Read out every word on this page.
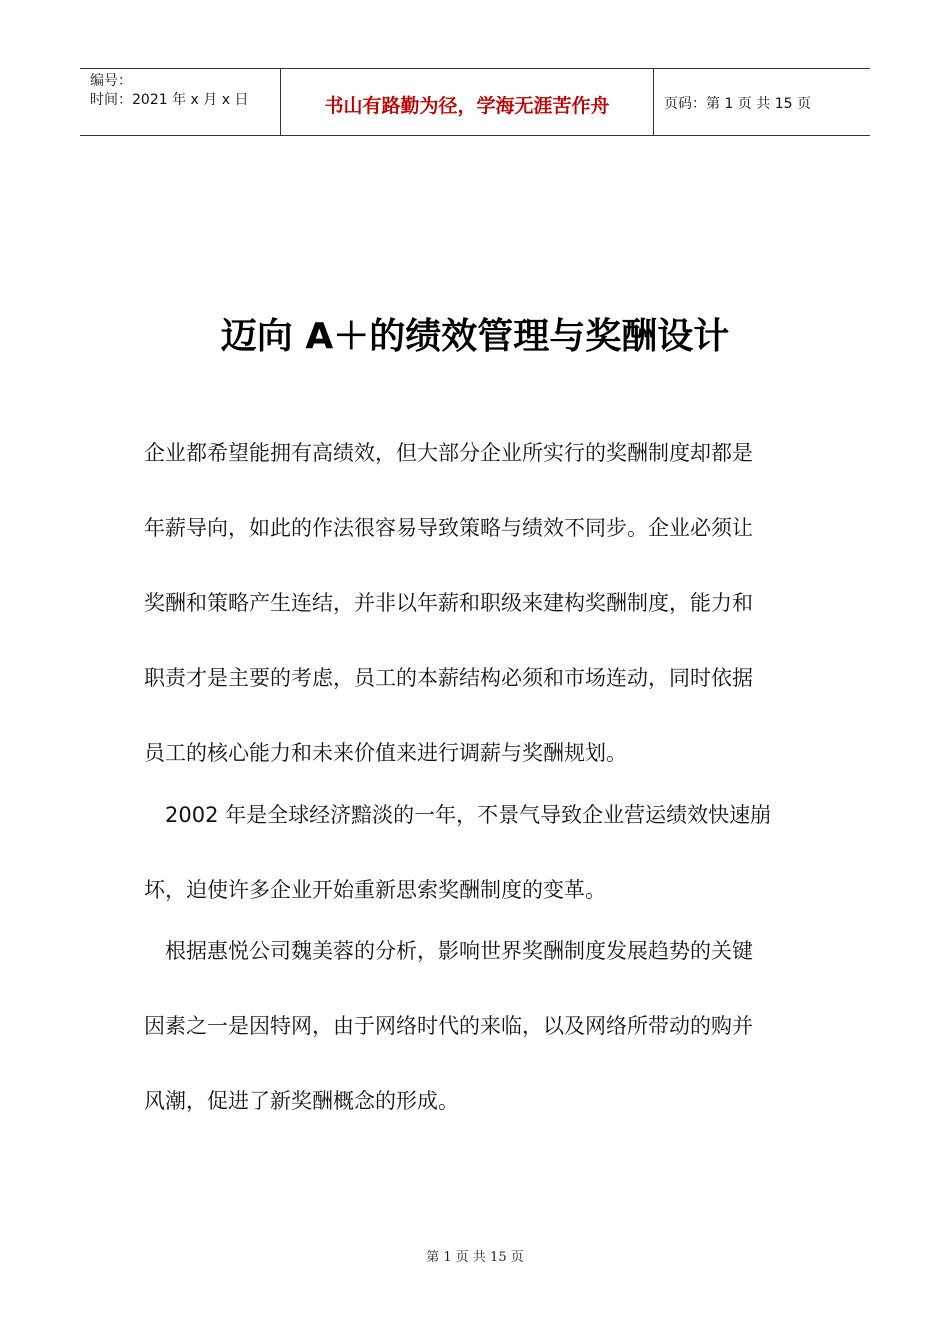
编号：
时间：2021 年 x 月 x 日	书山有路勤为径，学海无涯苦作舟	页码：第 1 页 共 15 页
迈向 A＋的绩效管理与奖酬设计
企业都希望能拥有高绩效，但大部分企业所实行的奖酬制度却都是
年薪导向，如此的作法很容易导致策略与绩效不同步。企业必须让
奖酬和策略产生连结，并非以年薪和职级来建构奖酬制度，能力和
职责才是主要的考虑，员工的本薪结构必须和市场连动，同时依据
员工的核心能力和未来价值来进行调薪与奖酬规划。
　2002 年是全球经济黯淡的一年，不景气导致企业营运绩效快速崩
坏，迫使许多企业开始重新思索奖酬制度的变革。
　根据惠悦公司魏美蓉的分析，影响世界奖酬制度发展趋势的关键
因素之一是因特网，由于网络时代的来临，以及网络所带动的购并
风潮，促进了新奖酬概念的形成。
第 1 页 共 15 页
